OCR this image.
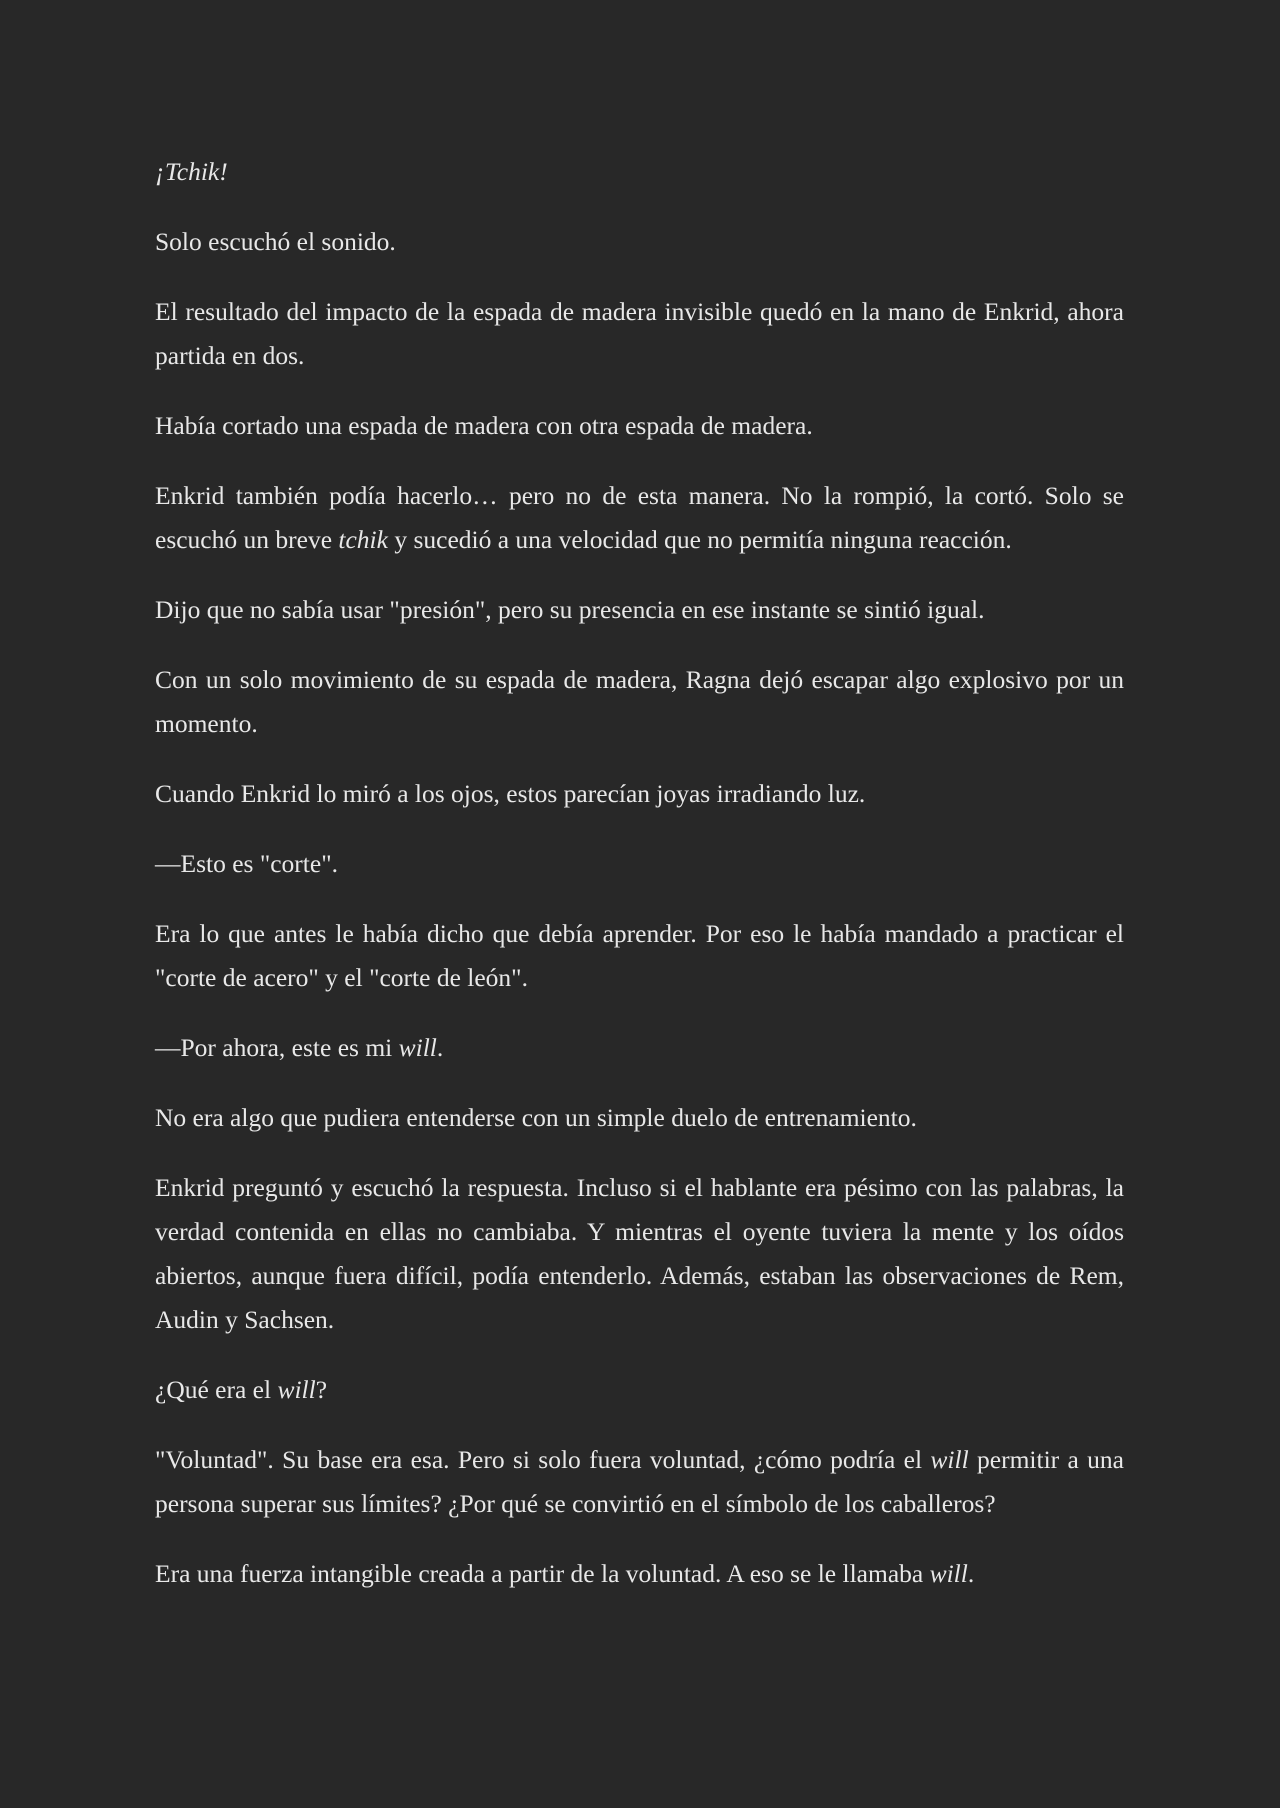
¡Tchik!

Solo escuchó el sonido.

El resultado del impacto de la espada de madera invisible quedó en la mano de Enkrid, ahora partida en dos.

Había cortado una espada de madera con otra espada de madera.

Enkrid también podía hacerlo… pero no de esta manera. No la rompió, la cortó. Solo se escuchó un breve tchik y sucedió a una velocidad que no permitía ninguna reacción.

Dijo que no sabía usar "presión", pero su presencia en ese instante se sintió igual.

Con un solo movimiento de su espada de madera, Ragna dejó escapar algo explosivo por un momento.

Cuando Enkrid lo miró a los ojos, estos parecían joyas irradiando luz.

—Esto es "corte".

Era lo que antes le había dicho que debía aprender. Por eso le había mandado a practicar el "corte de acero" y el "corte de león".

—Por ahora, este es mi will.

No era algo que pudiera entenderse con un simple duelo de entrenamiento.

Enkrid preguntó y escuchó la respuesta. Incluso si el hablante era pésimo con las palabras, la verdad contenida en ellas no cambiaba. Y mientras el oyente tuviera la mente y los oídos abiertos, aunque fuera difícil, podía entenderlo. Además, estaban las observaciones de Rem, Audin y Sachsen.

¿Qué era el will?

"Voluntad". Su base era esa. Pero si solo fuera voluntad, ¿cómo podría el will permitir a una persona superar sus límites? ¿Por qué se convirtió en el símbolo de los caballeros?

Era una fuerza intangible creada a partir de la voluntad. A eso se le llamaba will.
